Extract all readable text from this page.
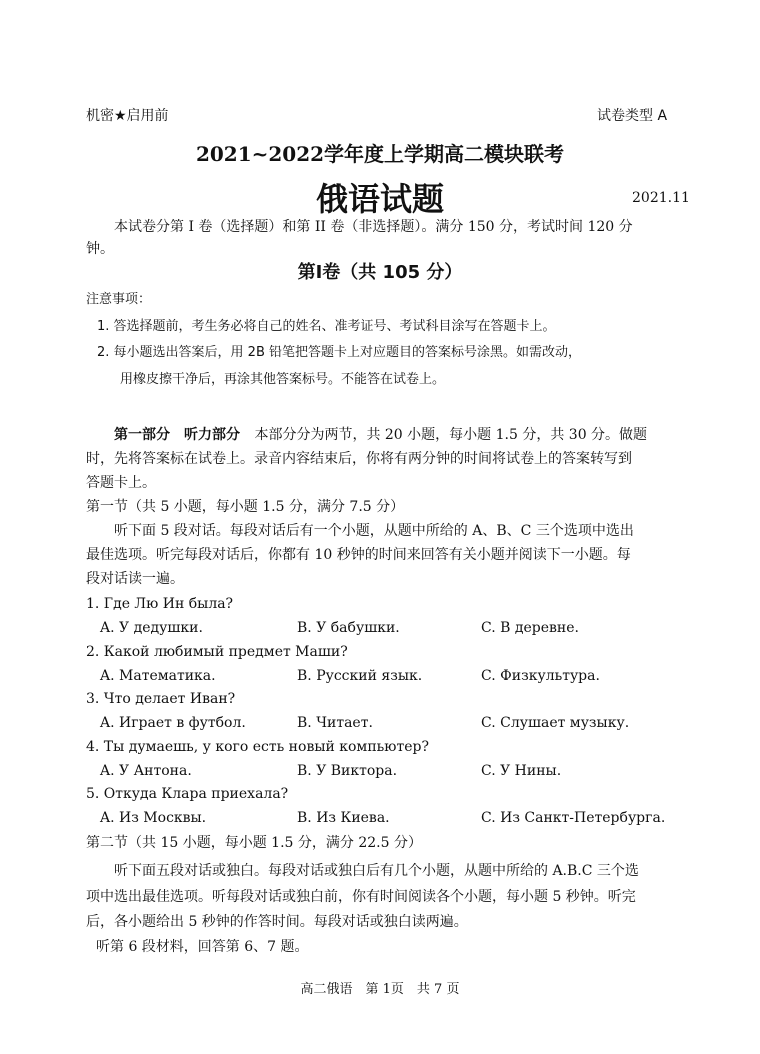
机密★启用前	试卷类型 A
2021~2022学年度上学期高二模块联考
俄语试题	2021.11
本试卷分第 I 卷（选择题）和第 II 卷（非选择题）。满分 150 分，考试时间 120 分
钟。
第Ⅰ卷（共 105 分）
注意事项：
1. 答选择题前，考生务必将自己的姓名、准考证号、考试科目涂写在答题卡上。
2. 每小题选出答案后，用 2B 铅笔把答题卡上对应题目的答案标号涂黑。如需改动，
用橡皮擦干净后，再涂其他答案标号。不能答在试卷上。
第一部分　听力部分 本部分分为两节，共 20 小题，每小题 1.5 分，共 30 分。做题
时，先将答案标在试卷上。录音内容结束后，你将有两分钟的时间将试卷上的答案转写到
答题卡上。
第一节（共 5 小题，每小题 1.5 分，满分 7.5 分）
听下面 5 段对话。每段对话后有一个小题，从题中所给的 A、B、C 三个选项中选出
最佳选项。听完每段对话后，你都有 10 秒钟的时间来回答有关小题并阅读下一小题。每
段对话读一遍。
1. Где Лю Ин была?
A. У дедушки.	B. У бабушки.	C. В деревне.
2. Какой любимый предмет Маши?
A. Математика.	B. Русский язык.	C. Физкультура.
3. Что делает Иван?
A. Играет в футбол.	B. Читает.	C. Слушает музыку.
4. Ты думаешь, у кого есть новый компьютер?
A. У Антона.	B. У Виктора.	C. У Нины.
5. Откуда Клара приехала?
A. Из Москвы.	B. Из Киева.	C. Из Санкт-Петербурга.
第二节（共 15 小题，每小题 1.5 分，满分 22.5 分）
听下面五段对话或独白。每段对话或独白后有几个小题，从题中所给的 A.B.C 三个选
项中选出最佳选项。听每段对话或独白前，你有时间阅读各个小题，每小题 5 秒钟。听完
后，各小题给出 5 秒钟的作答时间。每段对话或独白读两遍。
听第 6 段材料，回答第 6、7 题。
高二俄语　第 1页　共 7 页
